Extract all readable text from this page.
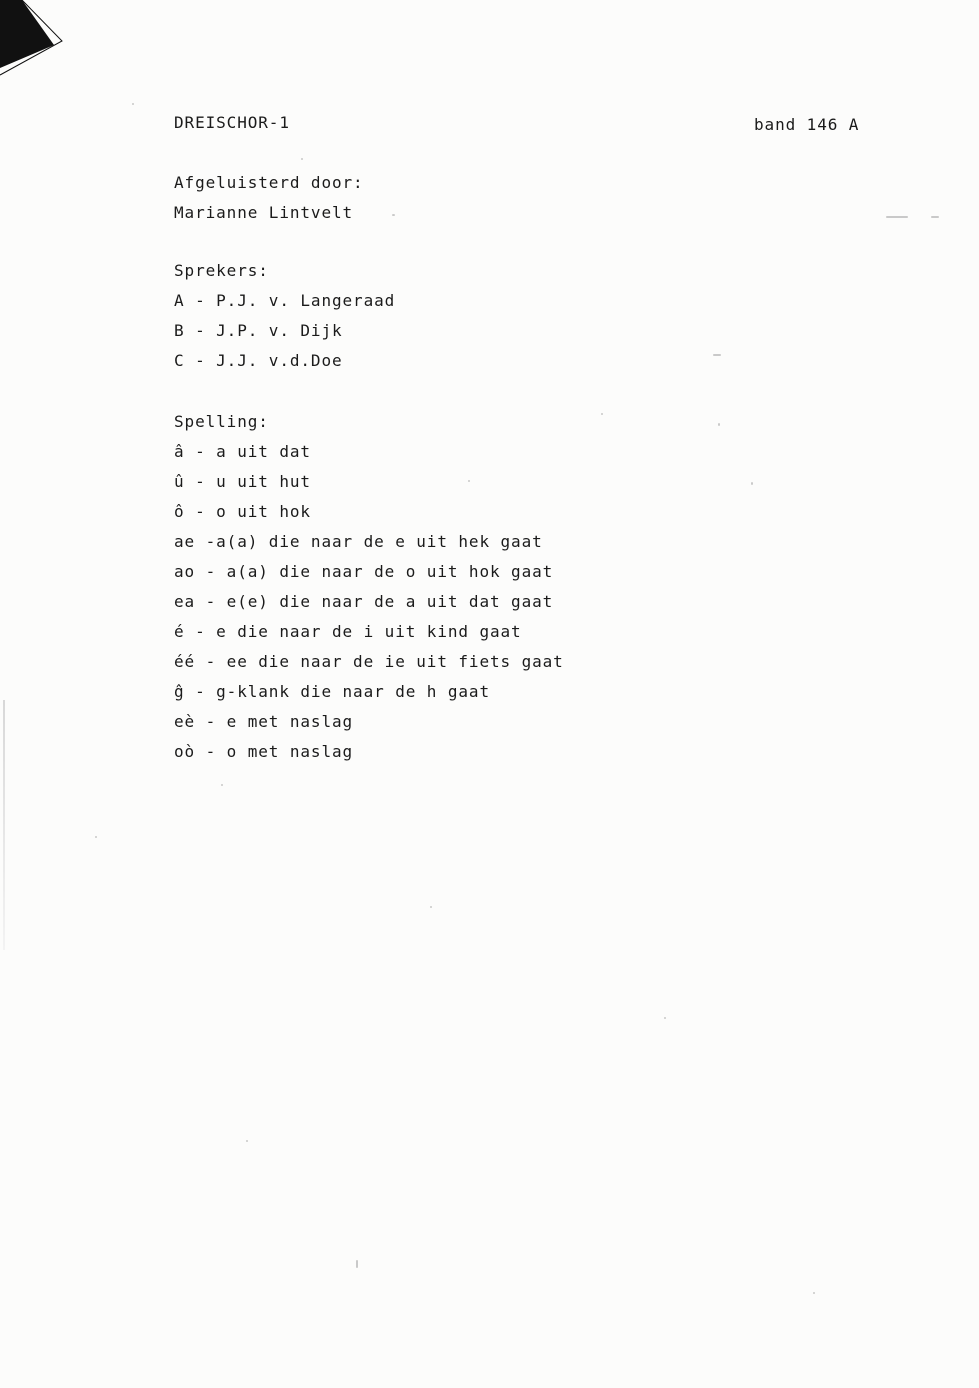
DREISCHOR-1	band 146 A
Afgeluisterd door:
Marianne Lintvelt
Sprekers:
A - P.J. v. Langeraad
B - J.P. v. Dijk
C - J.J. v.d.Doe
Spelling:
â - a uit dat
û - u uit hut
ô - o uit hok
ae -a(a) die naar de e uit hek gaat
ao - a(a) die naar de o uit hok gaat
ea - e(e) die naar de a uit dat gaat
é - e die naar de i uit kind gaat
éé - ee die naar de ie uit fiets gaat
ĝ - g-klank die naar de h gaat
eè - e met naslag
oò - o met naslag
